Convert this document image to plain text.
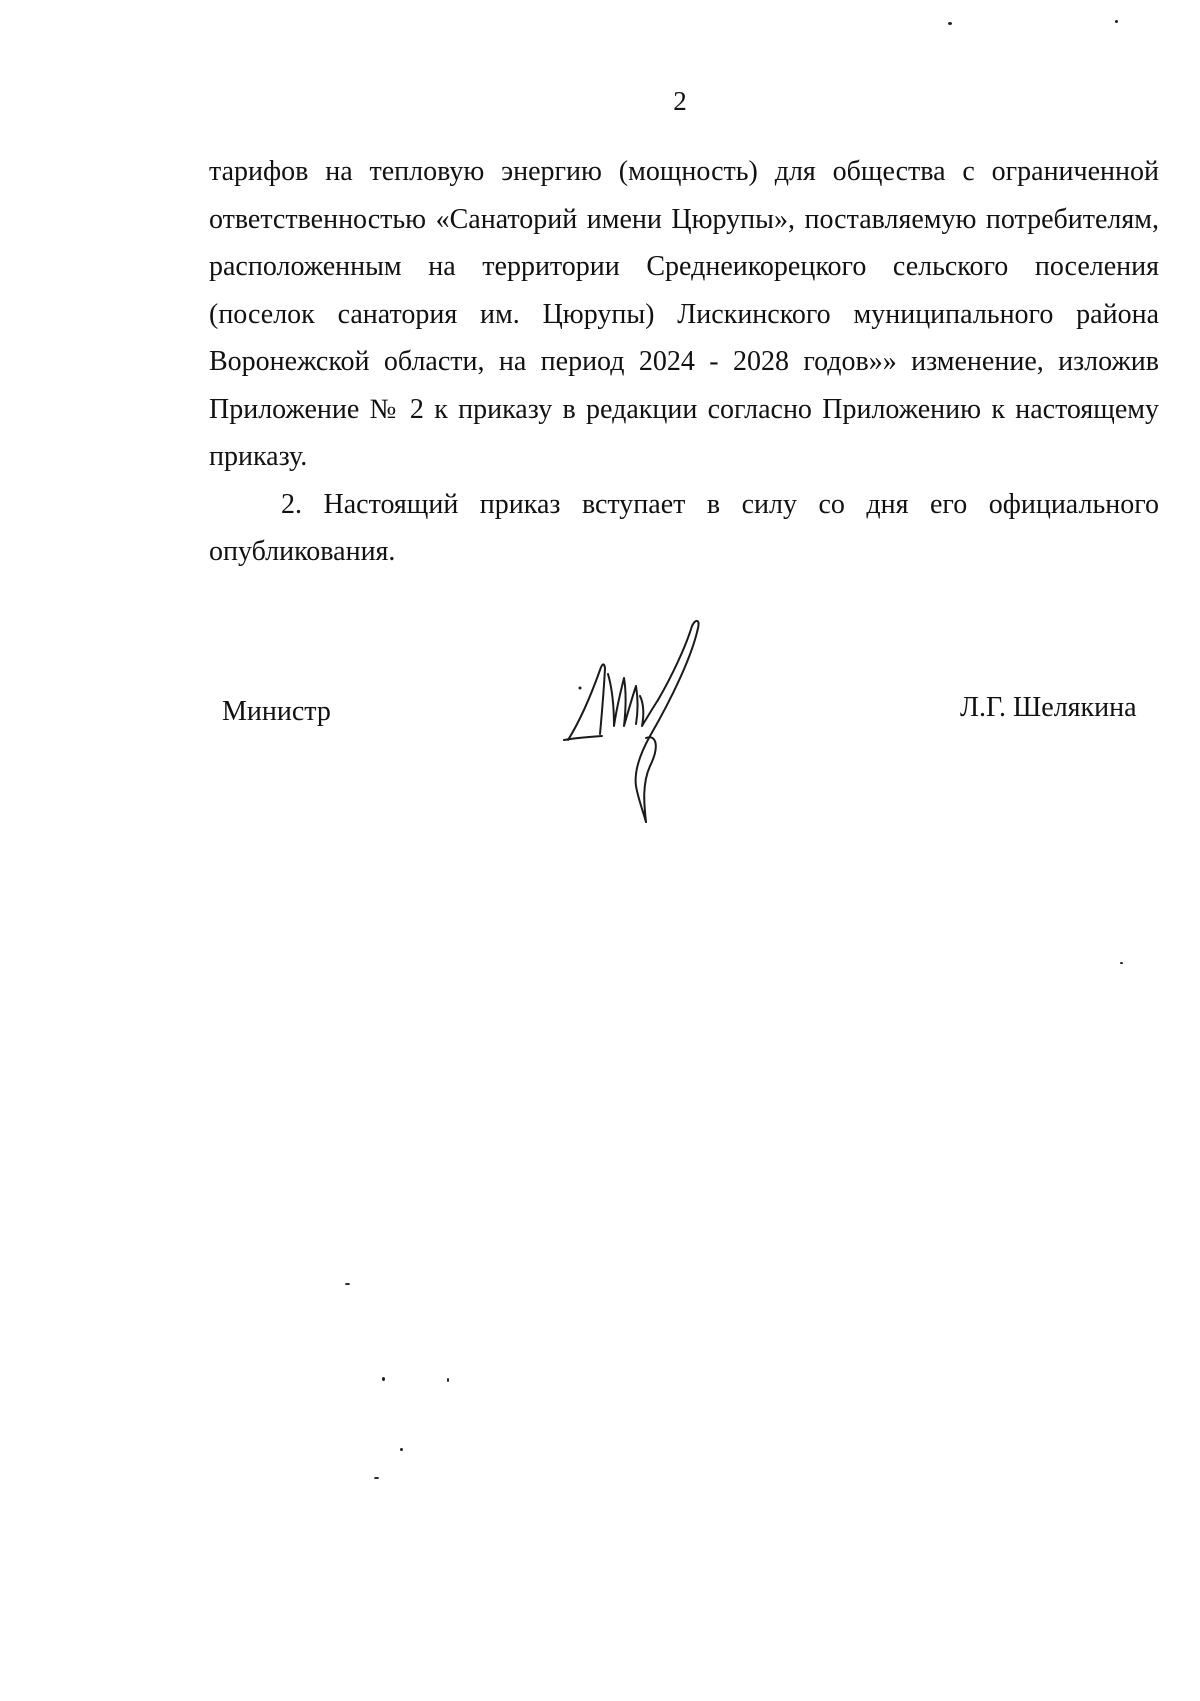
2

тарифов на тепловую энергию (мощность) для общества с ограниченной ответственностью «Санаторий имени Цюрупы», поставляемую потребителям, расположенным на территории Среднеикорецкого сельского поселения (поселок санатория им. Цюрупы) Лискинского муниципального района Воронежской области, на период 2024 - 2028 годов»» изменение, изложив Приложение № 2 к приказу в редакции согласно Приложению к настоящему приказу.

2. Настоящий приказ вступает в силу со дня его официального опубликования.

Министр	Л.Г. Шелякина
